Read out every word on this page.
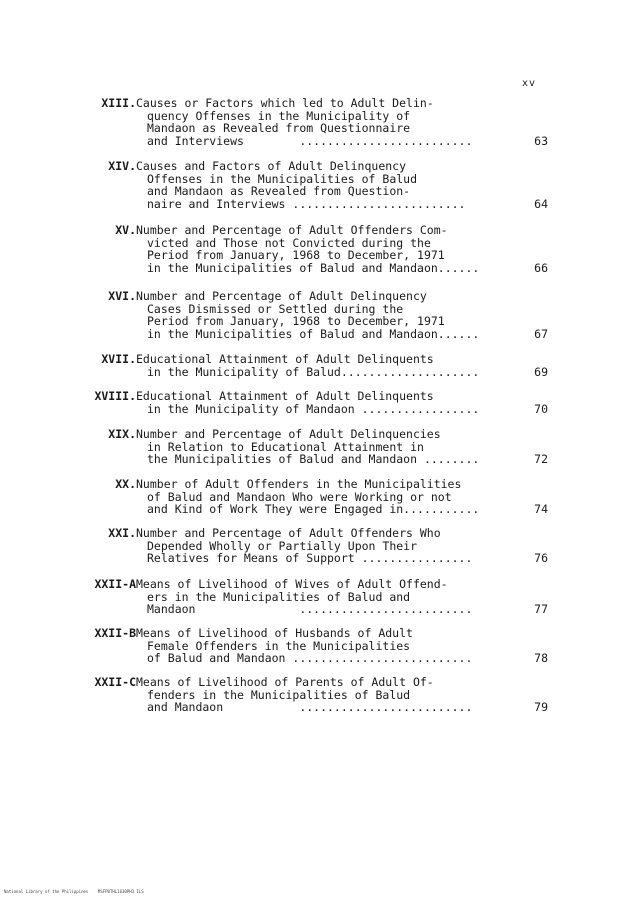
xv
XIII. Causes or Factors which led to Adult Delin-
quency Offenses in the Municipality of
Mandaon as Revealed from Questionnaire
and Interviews        .........................	63
XIV. Causes and Factors of Adult Delinquency
Offenses in the Municipalities of Balud
and Mandaon as Revealed from Question-
naire and Interviews .........................	64
XV. Number and Percentage of Adult Offenders Com-
victed and Those not Convicted during the
Period from January, 1968 to December, 1971
in the Municipalities of Balud and Mandaon......	66
XVI. Number and Percentage of Adult Delinquency
Cases Dismissed or Settled during the
Period from January, 1968 to December, 1971
in the Municipalities of Balud and Mandaon......	67
XVII. Educational Attainment of Adult Delinquents
in the Municipality of Balud....................	69
XVIII. Educational Attainment of Adult Delinquents
in the Municipality of Mandaon .................	70
XIX. Number and Percentage of Adult Delinquencies
in Relation to Educational Attainment in
the Municipalities of Balud and Mandaon ........	72
XX. Number of Adult Offenders in the Municipalities
of Balud and Mandaon Who were Working or not
and Kind of Work They were Engaged in...........	74
XXI. Number and Percentage of Adult Offenders Who
Depended Wholly or Partially Upon Their
Relatives for Means of Support ................	76
XXII-A Means of Livelihood of Wives of Adult Offend-
ers in the Municipalities of Balud and
Mandaon               .........................	77
XXII-B Means of Livelihood of Husbands of Adult
Female Offenders in the Municipalities
of Balud and Mandaon ..........................	78
XXII-C Means of Livelihood of Parents of Adult Of-
fenders in the Municipalities of Balud
and Mandaon           .........................	79
National Library of the Philippines    MSFPBTHL1630PH3 ILS
